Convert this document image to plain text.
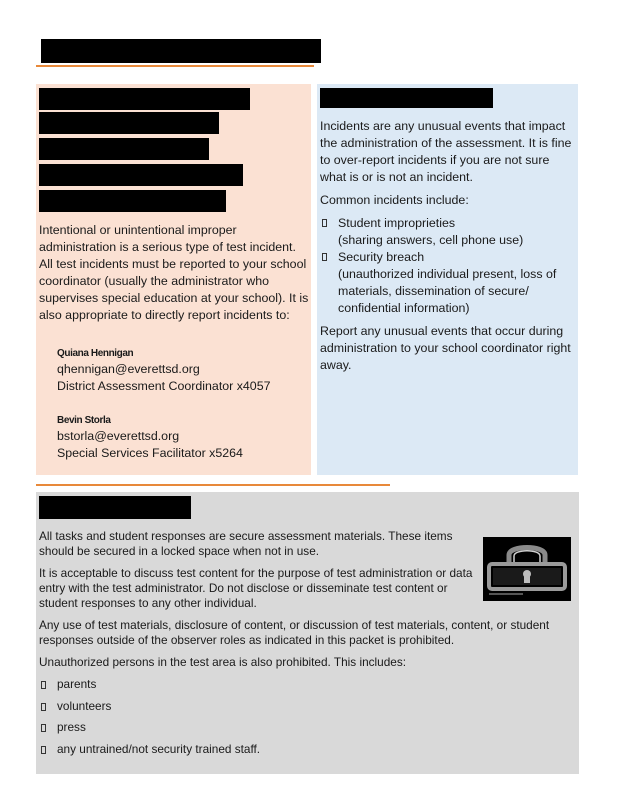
Intentional or unintentional improper administration is a serious type of test incident. All test incidents must be reported to your school coordinator (usually the administrator who supervises special education at your school). It is also appropriate to directly report incidents to:
Quiana Hennigan
qhennigan@everettsd.org
District Assessment Coordinator x4057
Bevin Storla
bstorla@everettsd.org
Special Services Facilitator x5264

Incidents are any unusual events that impact the administration of the assessment. It is fine to over-report incidents if you are not sure what is or is not an incident.

Common incidents include:

Student improprieties
(sharing answers, cell phone use)
Security breach
(unauthorized individual present, loss of materials, dissemination of secure/ confidential information)

Report any unusual events that occur during administration to your school coordinator right away.

All tasks and student responses are secure assessment materials. These items should be secured in a locked space when not in use.

It is acceptable to discuss test content for the purpose of test administration or data entry with the test administrator. Do not disclose or disseminate test content or student responses to any other individual.

Any use of test materials, disclosure of content, or discussion of test materials, content, or student responses outside of the observer roles as indicated in this packet is prohibited.

Unauthorized persons in the test area is also prohibited. This includes:

parents
volunteers
press
any untrained/not security trained staff.
